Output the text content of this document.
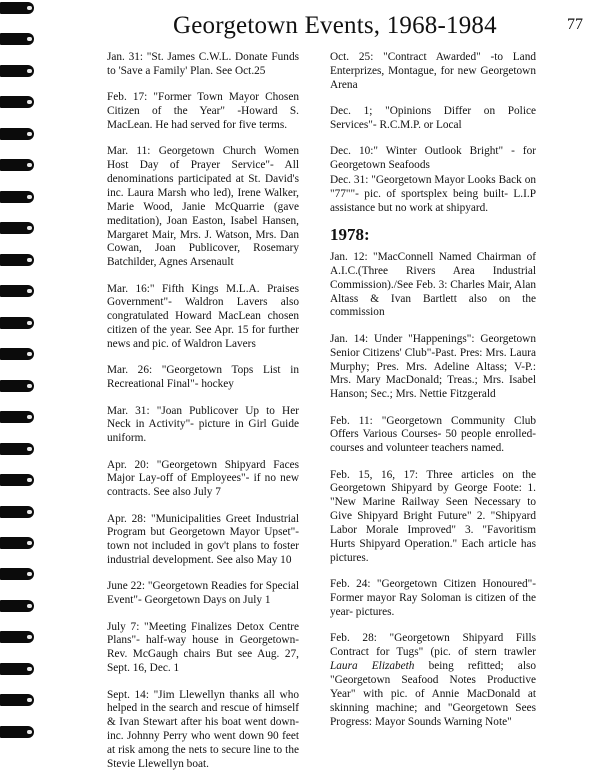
Georgetown Events, 1968-1984	77

Jan. 31: "St. James C.W.L. Donate Funds to 'Save a Family' Plan. See Oct.25

Feb. 17: "Former Town Mayor Chosen Citizen of the Year" -Howard S. MacLean. He had served for five terms.

Mar. 11: Georgetown Church Women Host Day of Prayer Service"- All denominations participated at St. David's inc. Laura Marsh who led), Irene Walker, Marie Wood, Janie McQuarrie (gave meditation), Joan Easton, Isabel Hansen, Margaret Mair, Mrs. J. Watson, Mrs. Dan Cowan, Joan Publicover, Rosemary Batchilder, Agnes Arsenault

Mar. 16:" Fifth Kings M.L.A. Praises Government"- Waldron Lavers also congratulated Howard MacLean chosen citizen of the year. See Apr. 15 for further news and pic. of Waldron Lavers

Mar. 26: "Georgetown Tops List in Recreational Final"- hockey

Mar. 31: "Joan Publicover Up to Her Neck in Activity"- picture in Girl Guide uniform.

Apr. 20: "Georgetown Shipyard Faces Major Lay-off of Employees"- if no new contracts. See also July 7

Apr. 28: "Municipalities Greet Industrial Program but Georgetown Mayor Upset"- town not included in gov't plans to foster industrial development. See also May 10

June 22: "Georgetown Readies for Special Event"- Georgetown Days on July 1

July 7: "Meeting Finalizes Detox Centre Plans"- half-way house in Georgetown- Rev. McGaugh chairs But see Aug. 27, Sept. 16, Dec. 1

Sept. 14: "Jim Llewellyn thanks all who helped in the search and rescue of himself & Ivan Stewart after his boat went down- inc. Johnny Perry who went down 90 feet at risk among the nets to secure line to the Stevie Llewellyn boat.

Oct. 25: "Contract Awarded" -to Land Enterprizes, Montague, for new Georgetown Arena

Dec. 1; "Opinions Differ on Police Services"- R.C.M.P. or Local

Dec. 10:" Winter Outlook Bright" - for Georgetown Seafoods

Dec. 31: "Georgetown Mayor Looks Back on "77""- pic. of sportsplex being built- L.I.P assistance but no work at shipyard.

1978:

Jan. 12: "MacConnell Named Chairman of A.I.C.(Three Rivers Area Industrial Commission)./See Feb. 3: Charles Mair, Alan Altass & Ivan Bartlett also on the commission

Jan. 14: Under "Happenings": Georgetown Senior Citizens' Club"-Past. Pres: Mrs. Laura Murphy; Pres. Mrs. Adeline Altass; V-P.: Mrs. Mary MacDonald; Treas.; Mrs. Isabel Hanson; Sec.; Mrs. Nettie Fitzgerald

Feb. 11: "Georgetown Community Club Offers Various Courses- 50 people enrolled- courses and volunteer teachers named.

Feb. 15, 16, 17: Three articles on the Georgetown Shipyard by George Foote: 1. "New Marine Railway Seen Necessary to Give Shipyard Bright Future" 2. "Shipyard Labor Morale Improved" 3. "Favoritism Hurts Shipyard Operation." Each article has pictures.

Feb. 24: "Georgetown Citizen Honoured"- Former mayor Ray Soloman is citizen of the year- pictures.

Feb. 28: "Georgetown Shipyard Fills Contract for Tugs" (pic. of stern trawler Laura Elizabeth being refitted; also "Georgetown Seafood Notes Productive Year" with pic. of Annie MacDonald at skinning machine; and "Georgetown Sees Progress: Mayor Sounds Warning Note"
